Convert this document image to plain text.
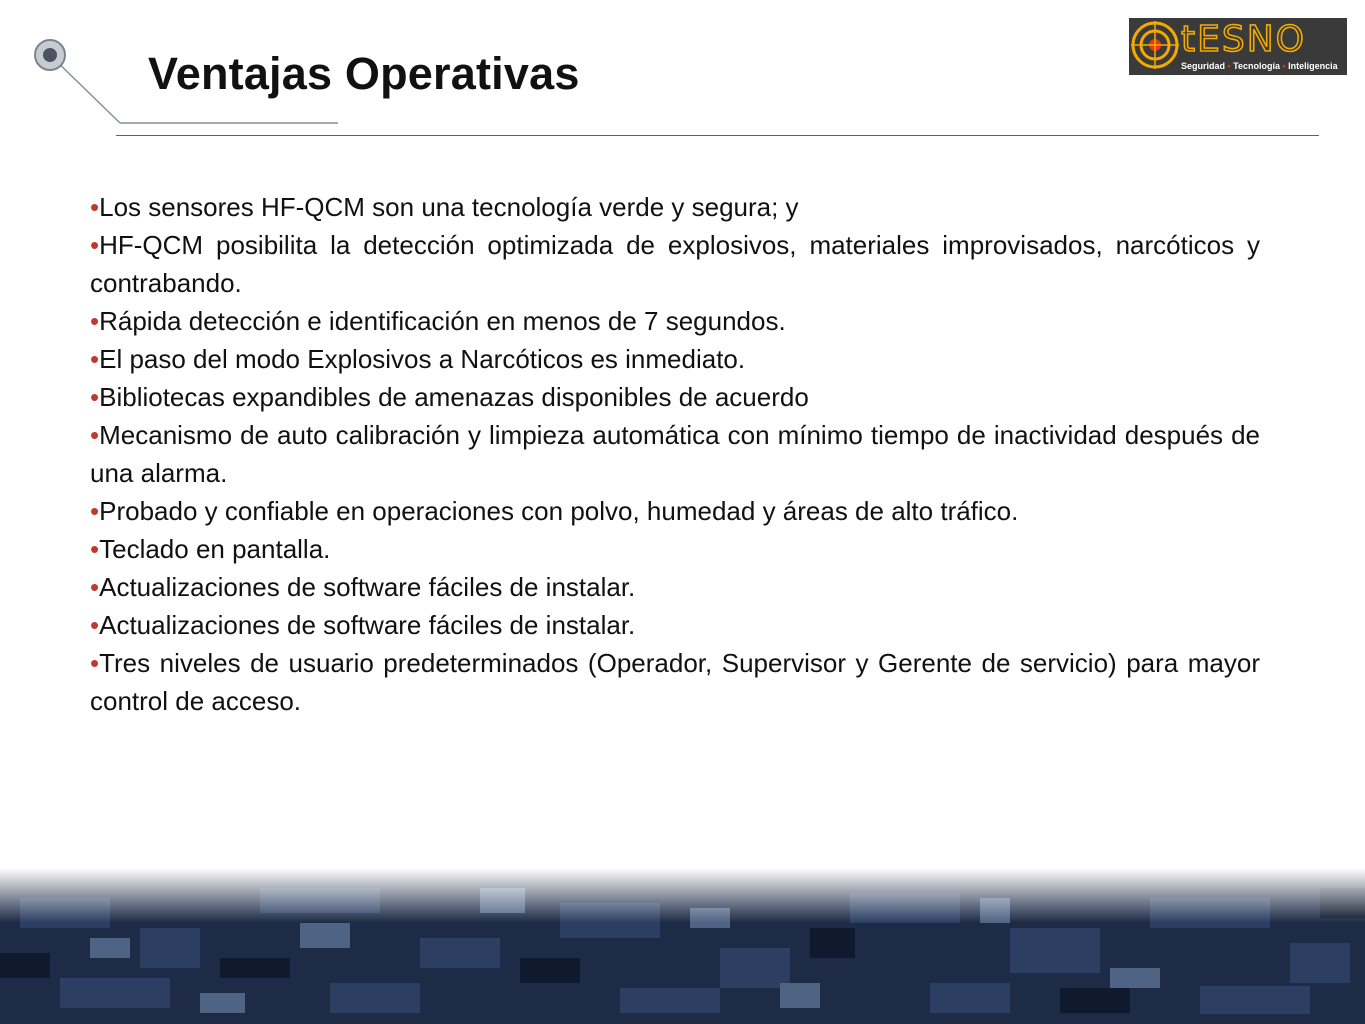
Ventajas Operativas
tESNO
Seguridad • Tecnología • Inteligencia
• Los sensores HF-QCM son una tecnología verde y segura; y
• HF-QCM posibilita la detección optimizada de explosivos, materiales improvisados, narcóticos y contrabando.
• Rápida detección e identificación en menos de 7 segundos.
• El paso del modo Explosivos a Narcóticos es inmediato.
• Bibliotecas expandibles de amenazas disponibles de acuerdo
• Mecanismo de auto calibración y limpieza automática con mínimo tiempo de inactividad después de una alarma.
• Probado y confiable en operaciones con polvo, humedad y áreas de alto tráfico.
• Teclado en pantalla.
• Actualizaciones de software fáciles de instalar.
• Actualizaciones de software fáciles de instalar.
• Tres niveles de usuario predeterminados (Operador, Supervisor y Gerente de servicio) para mayor control de acceso.
